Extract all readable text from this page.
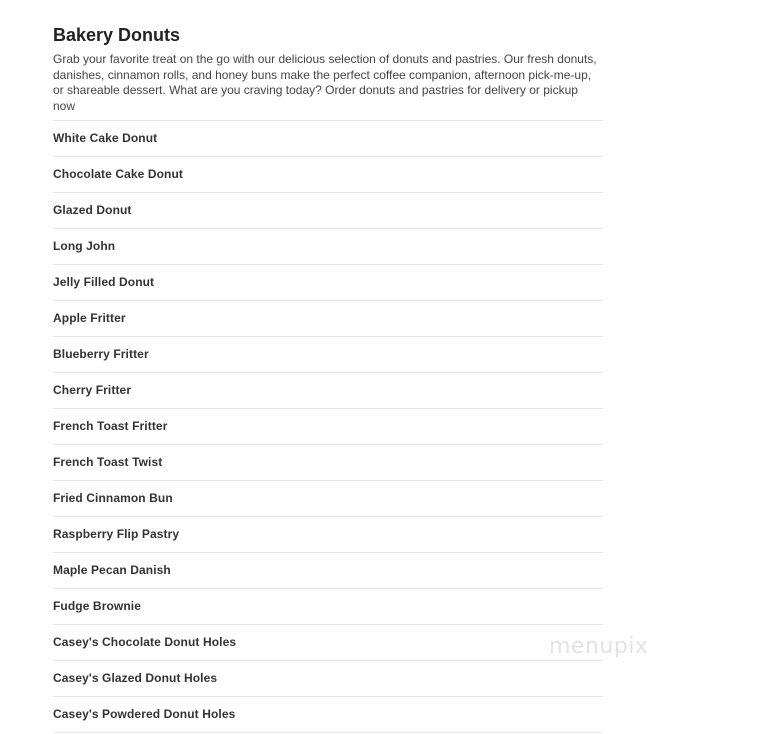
Bakery Donuts

Grab your favorite treat on the go with our delicious selection of donuts and pastries. Our fresh donuts, danishes, cinnamon rolls, and honey buns make the perfect coffee companion, afternoon pick-me-up, or shareable dessert. What are you craving today? Order donuts and pastries for delivery or pickup now

White Cake Donut
Chocolate Cake Donut
Glazed Donut
Long John
Jelly Filled Donut
Apple Fritter
Blueberry Fritter
Cherry Fritter
French Toast Fritter
French Toast Twist
Fried Cinnamon Bun
Raspberry Flip Pastry
Maple Pecan Danish
Fudge Brownie
Casey's Chocolate Donut Holes
Casey's Glazed Donut Holes
Casey's Powdered Donut Holes
menupix
